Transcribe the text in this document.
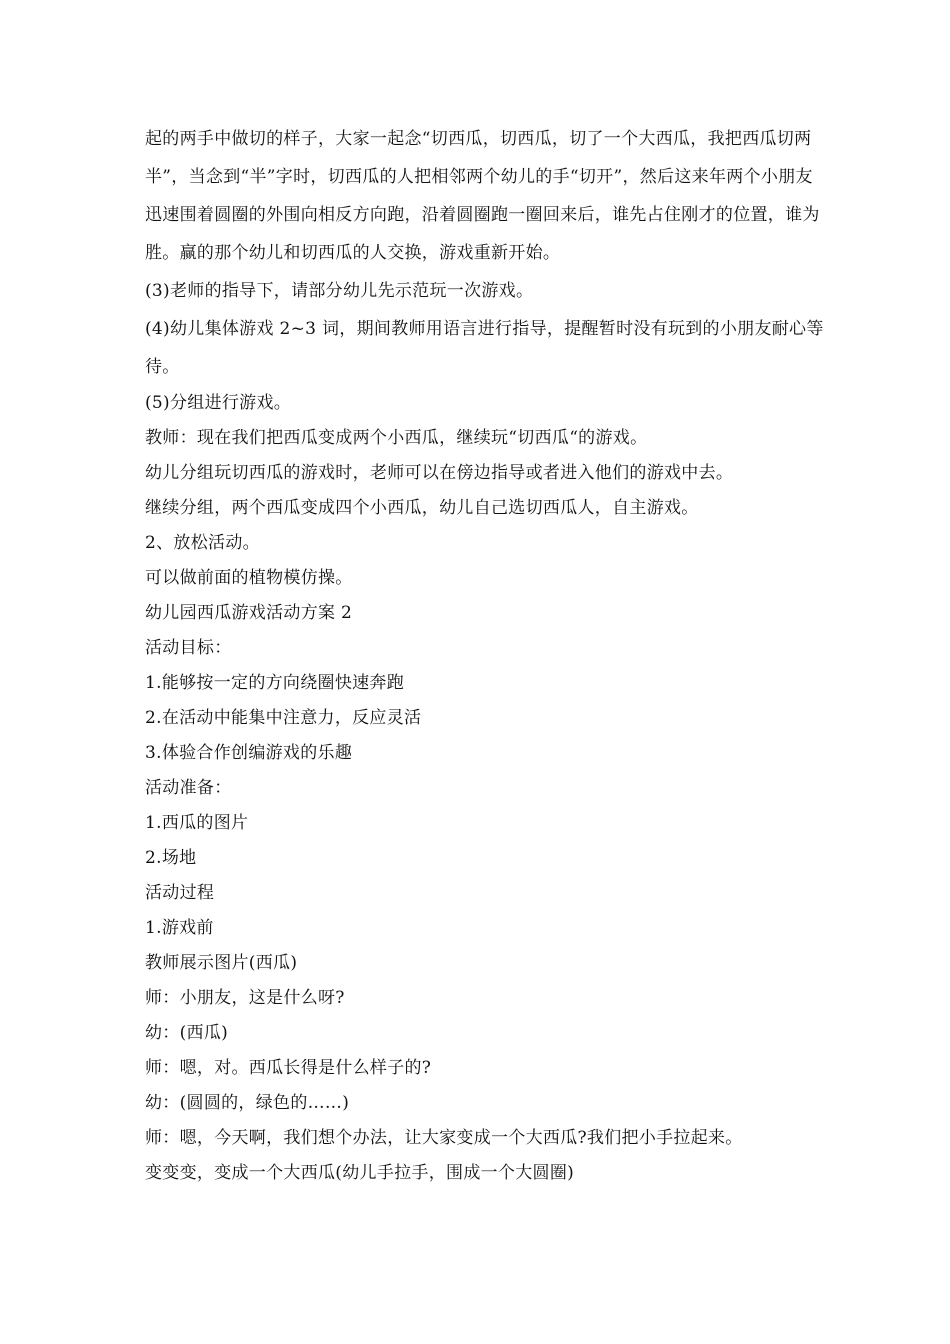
起的两手中做切的样子，大家一起念“切西瓜，切西瓜，切了一个大西瓜，我把西瓜切两半”，当念到“半”字时，切西瓜的人把相邻两个幼儿的手“切开”，然后这来年两个小朋友迅速围着圆圈的外围向相反方向跑，沿着圆圈跑一圈回来后，谁先占住刚才的位置，谁为胜。赢的那个幼儿和切西瓜的人交换，游戏重新开始。

(3)老师的指导下，请部分幼儿先示范玩一次游戏。

(4)幼儿集体游戏 2~3 词，期间教师用语言进行指导，提醒暂时没有玩到的小朋友耐心等待。

(5)分组进行游戏。

教师：现在我们把西瓜变成两个小西瓜，继续玩“切西瓜“的游戏。

幼儿分组玩切西瓜的游戏时，老师可以在傍边指导或者进入他们的游戏中去。

继续分组，两个西瓜变成四个小西瓜，幼儿自己选切西瓜人，自主游戏。

2、放松活动。

可以做前面的植物模仿操。

幼儿园西瓜游戏活动方案 2

活动目标：

1.能够按一定的方向绕圈快速奔跑

2.在活动中能集中注意力，反应灵活

3.体验合作创编游戏的乐趣

活动准备：

1.西瓜的图片

2.场地

活动过程

1.游戏前

教师展示图片(西瓜)

师：小朋友，这是什么呀?

幼：(西瓜)

师：嗯，对。西瓜长得是什么样子的?

幼：(圆圆的，绿色的……)

师：嗯，今天啊，我们想个办法，让大家变成一个大西瓜?我们把小手拉起来。

变变变，变成一个大西瓜(幼儿手拉手，围成一个大圆圈)
